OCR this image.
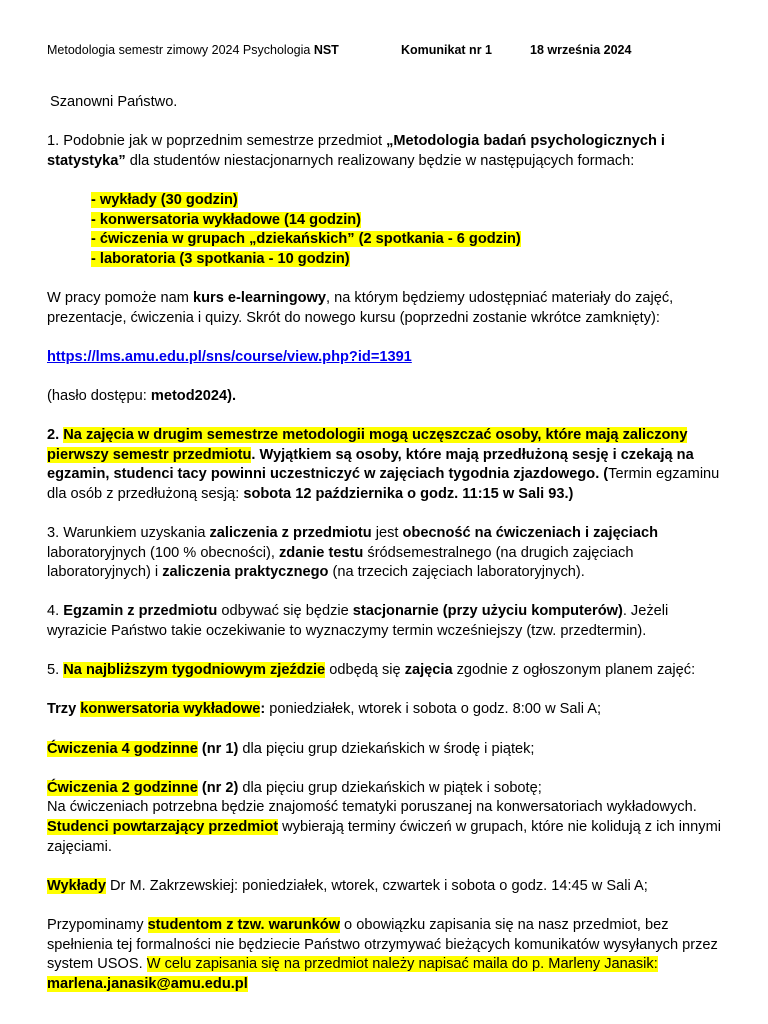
Metodologia semestr zimowy 2024 Psychologia NST	Komunikat nr 1	18 września 2024

Szanowni Państwo.

1. Podobnie jak w poprzednim semestrze przedmiot „Metodologia badań psychologicznych i statystyka” dla studentów niestacjonarnych realizowany będzie w następujących formach:

- wykłady (30 godzin)

- konwersatoria wykładowe (14 godzin)

- ćwiczenia w grupach „dziekańskich” (2 spotkania - 6 godzin)

- laboratoria (3 spotkania - 10 godzin)

W pracy pomoże nam kurs e-learningowy, na którym będziemy udostępniać materiały do zajęć, prezentacje, ćwiczenia i quizy. Skrót do nowego kursu (poprzedni zostanie wkrótce zamknięty):

https://lms.amu.edu.pl/sns/course/view.php?id=1391

(hasło dostępu: metod2024).

2. Na zajęcia w drugim semestrze metodologii mogą uczęszczać osoby, które mają zaliczony pierwszy semestr przedmiotu. Wyjątkiem są osoby, które mają przedłużoną sesję i czekają na egzamin, studenci tacy powinni uczestniczyć w zajęciach tygodnia zjazdowego. (Termin egzaminu dla osób z przedłużoną sesją: sobota 12 października o godz. 11:15 w Sali 93.)

3. Warunkiem uzyskania zaliczenia z przedmiotu jest obecność na ćwiczeniach i zajęciach laboratoryjnych (100 % obecności), zdanie testu śródsemestralnego (na drugich zajęciach laboratoryjnych) i zaliczenia praktycznego (na trzecich zajęciach laboratoryjnych).

4. Egzamin z przedmiotu odbywać się będzie stacjonarnie (przy użyciu komputerów). Jeżeli wyrazicie Państwo takie oczekiwanie to wyznaczymy termin wcześniejszy (tzw. przedtermin).

5. Na najbliższym tygodniowym zjeździe odbędą się zajęcia zgodnie z ogłoszonym planem zajęć:

Trzy konwersatoria wykładowe: poniedziałek, wtorek i sobota o godz. 8:00 w Sali A;

Ćwiczenia 4 godzinne (nr 1) dla pięciu grup dziekańskich w środę i piątek;

Ćwiczenia 2 godzinne (nr 2) dla pięciu grup dziekańskich w piątek i sobotę;

Na ćwiczeniach potrzebna będzie znajomość tematyki poruszanej na konwersatoriach wykładowych. Studenci powtarzający przedmiot wybierają terminy ćwiczeń w grupach, które nie kolidują z ich innymi zajęciami.

Wykłady Dr M. Zakrzewskiej: poniedziałek, wtorek, czwartek i sobota o godz. 14:45 w Sali A;

Przypominamy studentom z tzw. warunków o obowiązku zapisania się na nasz przedmiot, bez spełnienia tej formalności nie będziecie Państwo otrzymywać bieżących komunikatów wysyłanych przez system USOS. W celu zapisania się na przedmiot należy napisać maila do p. Marleny Janasik:
marlena.janasik@amu.edu.pl
